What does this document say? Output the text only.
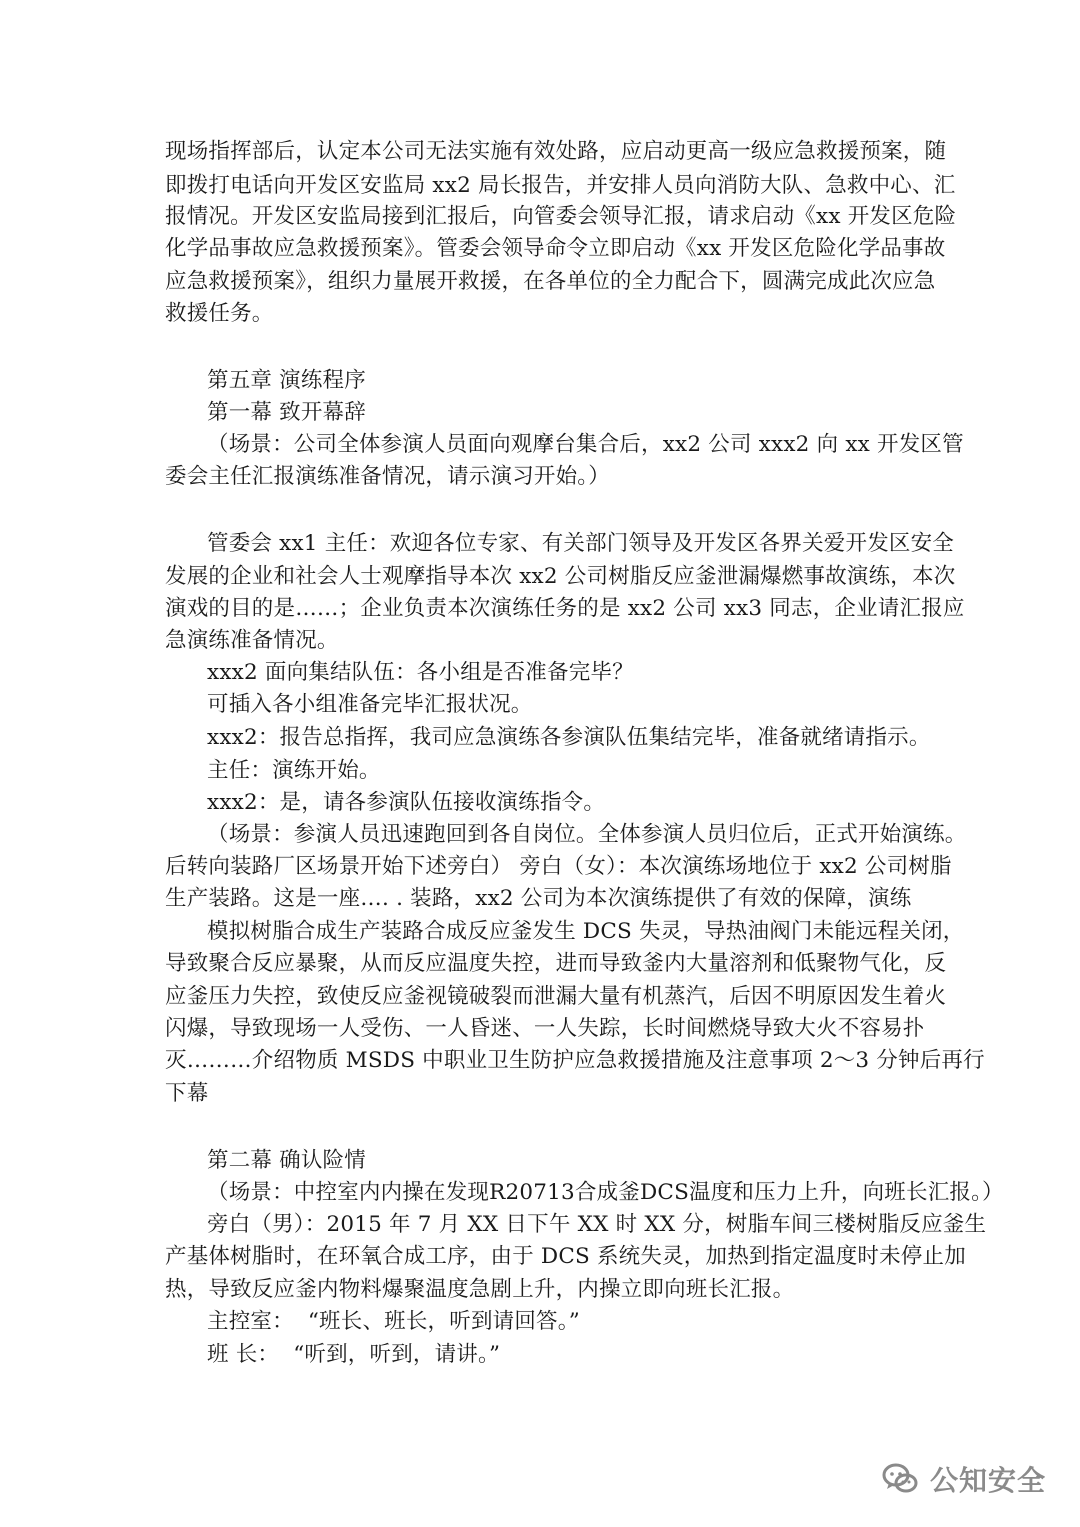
现场指挥部后，认定本公司无法实施有效处路，应启动更高一级应急救援预案，随
即拨打电话向开发区安监局 xx2 局长报告，并安排人员向消防大队、急救中心、汇
报情况。开发区安监局接到汇报后，向管委会领导汇报，请求启动《xx 开发区危险
化学品事故应急救援预案》。管委会领导命令立即启动《xx 开发区危险化学品事故
应急救援预案》，组织力量展开救援，在各单位的全力配合下，圆满完成此次应急
救援任务。
第五章 演练程序
第一幕 致开幕辞
（场景：公司全体参演人员面向观摩台集合后，xx2 公司 xxx2 向 xx 开发区管
委会主任汇报演练准备情况，请示演习开始。）
管委会 xx1 主任：欢迎各位专家、有关部门领导及开发区各界关爱开发区安全
发展的企业和社会人士观摩指导本次 xx2 公司树脂反应釜泄漏爆燃事故演练，本次
演戏的目的是……；企业负责本次演练任务的是 xx2 公司 xx3 同志，企业请汇报应
急演练准备情况。
xxx2 面向集结队伍：各小组是否准备完毕？
可插入各小组准备完毕汇报状况。
xxx2：报告总指挥，我司应急演练各参演队伍集结完毕，准备就绪请指示。
主任：演练开始。
xxx2：是，请各参演队伍接收演练指令。
（场景：参演人员迅速跑回到各自岗位。全体参演人员归位后，正式开始演练。
后转向装路厂区场景开始下述旁白） 旁白（女）：本次演练场地位于 xx2 公司树脂
生产装路。这是一座…. . 装路，xx2 公司为本次演练提供了有效的保障，演练
模拟树脂合成生产装路合成反应釜发生 DCS 失灵，导热油阀门未能远程关闭，
导致聚合反应暴聚，从而反应温度失控，进而导致釜内大量溶剂和低聚物气化，反
应釜压力失控，致使反应釜视镜破裂而泄漏大量有机蒸汽，后因不明原因发生着火
闪爆，导致现场一人受伤、一人昏迷、一人失踪，长时间燃烧导致大火不容易扑
灭………介绍物质 MSDS 中职业卫生防护应急救援措施及注意事项 2～3 分钟后再行
下幕
第二幕 确认险情
（场景：中控室内内操在发现R20713合成釜DCS温度和压力上升，向班长汇报。）
旁白（男）：2015 年 7 月 XX 日下午 XX 时 XX 分，树脂车间三楼树脂反应釜生
产基体树脂时，在环氧合成工序，由于 DCS 系统失灵，加热到指定温度时未停止加
热，导致反应釜内物料爆聚温度急剧上升，内操立即向班长汇报。
主控室：  “班长、班长，听到请回答。”
班 长：  “听到，听到，请讲。”
公知安全
